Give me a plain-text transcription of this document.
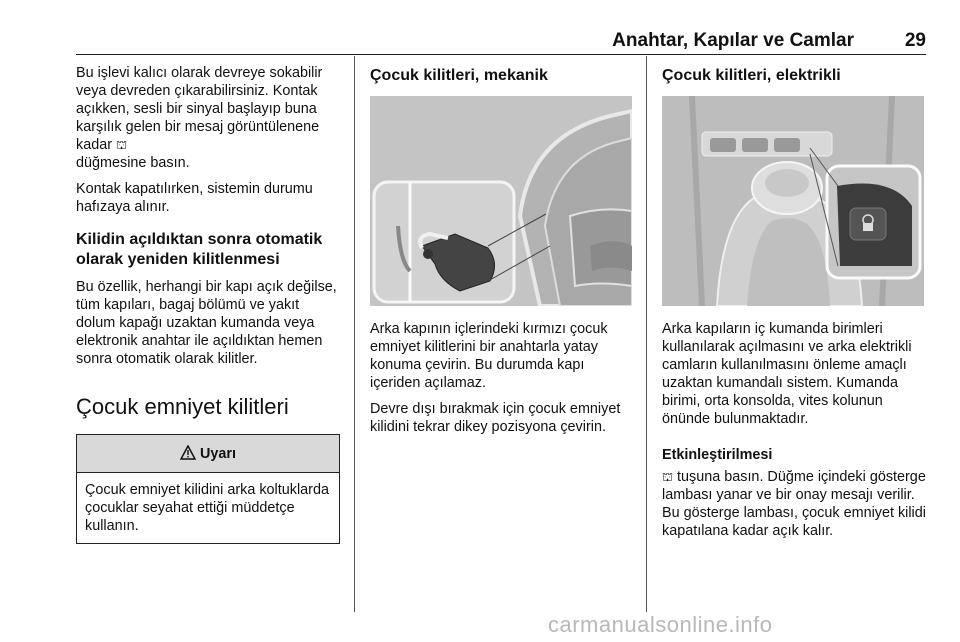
Anahtar, Kapılar ve Camlar	29

Bu işlevi kalıcı olarak devreye sokabilir veya devreden çıkarabilirsiniz. Kontak açıkken, sesli bir sinyal başlayıp buna karşılık gelen bir mesaj görüntülenene kadar ⛫
düğmesine basın.

Kontak kapatılırken, sistemin durumu hafızaya alınır.

Kilidin açıldıktan sonra otomatik olarak yeniden kilitlenmesi

Bu özellik, herhangi bir kapı açık değilse, tüm kapıları, bagaj bölümü ve yakıt dolum kapağı uzaktan kumanda veya elektronik anahtar ile açıldıktan hemen sonra otomatik olarak kilitler.

Çocuk emniyet kilitleri
Uyarı

Çocuk emniyet kilidini arka koltuklarda çocuklar seyahat ettiği müddetçe kullanın.

Çocuk kilitleri, mekanik

Arka kapının içlerindeki kırmızı çocuk emniyet kilitlerini bir anahtarla yatay konuma çevirin. Bu durumda kapı içeriden açılamaz.

Devre dışı bırakmak için çocuk emniyet kilidini tekrar dikey pozisyona çevirin.

Çocuk kilitleri, elektrikli

Arka kapıların iç kumanda birimleri kullanılarak açılmasını ve arka elektrikli camların kullanılmasını önleme amaçlı uzaktan kumandalı sistem. Kumanda birimi, orta konsolda, vites kolunun önünde bulunmaktadır.

Etkinleştirilmesi

⛫ tuşuna basın. Düğme içindeki gösterge lambası yanar ve bir onay mesajı verilir. Bu gösterge lambası, çocuk emniyet kilidi kapatılana kadar açık kalır.

carmanualsonline.info
